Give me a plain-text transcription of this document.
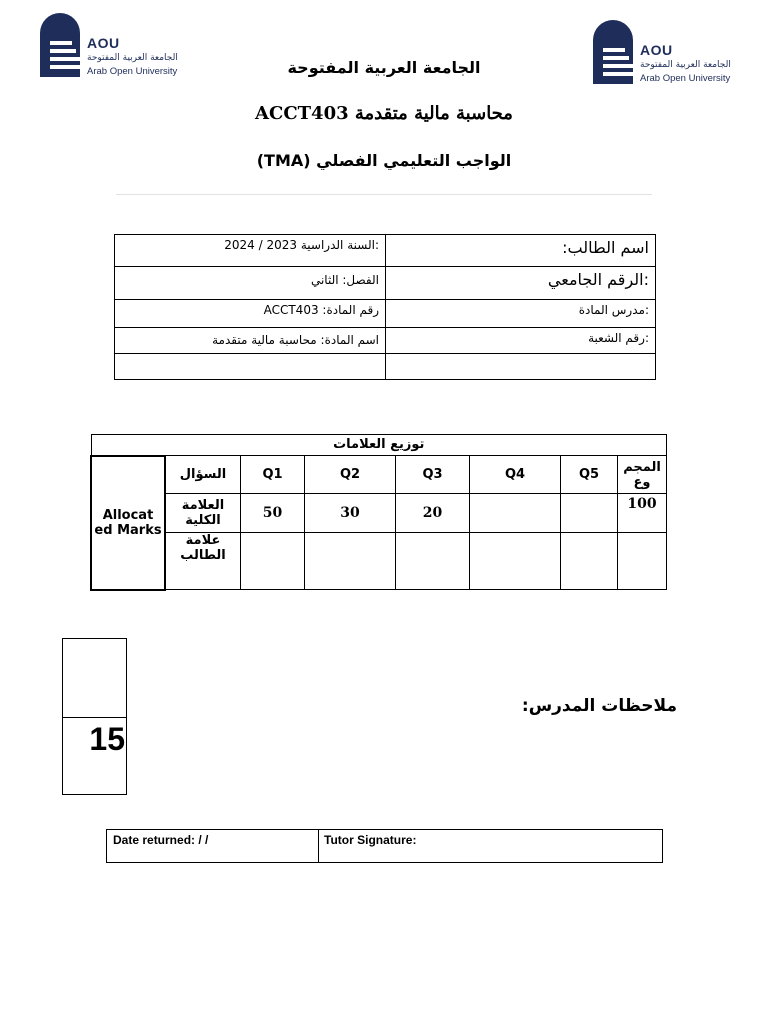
AOU
الجامعة العربية المفتوحة
Arab Open University
AOU
الجامعة العربية المفتوحة
Arab Open University
الجامعة العربية المفتوحة
محاسبة مالية متقدمة ACCT403
الواجب التعليمي الفصلي (TMA)
:السنة الدراسية 2023 / 2024	اسم الطالب:
الفصل: الثاني	:الرقم الجامعي
رقم المادة: ACCT403	:مدرس المادة
اسم المادة: محاسبة مالية متقدمة	:رقم الشعبة

توزيع العلامات							
Allocat ed Marks	السؤال	Q1	Q2	Q3	Q4	Q5	المجم وع
	العلامة الكلية	50	30	20			100
	علامة الطالب						
15
ملاحظات المدرس:
Date returned: / /	Tutor Signature:
